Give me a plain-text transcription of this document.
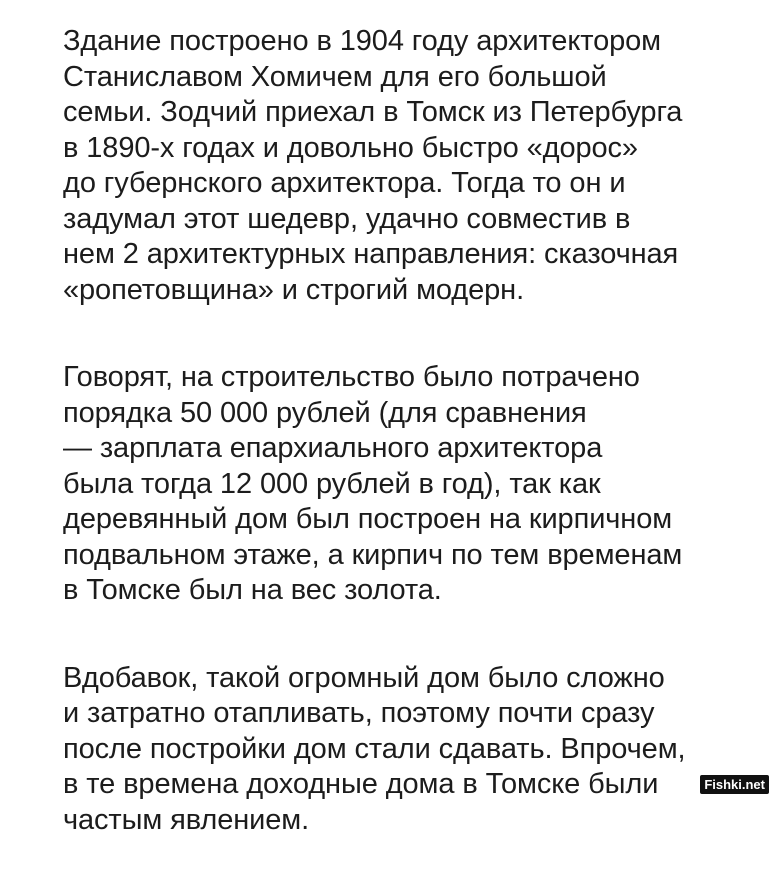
Здание построено в 1904 году архитектором
Станиславом Хомичем для его большой
семьи. Зодчий приехал в Томск из Петербурга
в 1890-х годах и довольно быстро «дорос»
до губернского архитектора. Тогда то он и
задумал этот шедевр, удачно совместив в
нем 2 архитектурных направления: сказочная
«ропетовщина» и строгий модерн.

Говорят, на строительство было потрачено
порядка 50 000 рублей (для сравнения
— зарплата епархиального архитектора
была тогда 12 000 рублей в год), так как
деревянный дом был построен на кирпичном
подвальном этаже, а кирпич по тем временам
в Томске был на вес золота.

Вдобавок, такой огромный дом было сложно
и затратно отапливать, поэтому почти сразу
после постройки дом стали сдавать. Впрочем,
в те времена доходные дома в Томске были
частым явлением.

Fishki.net
